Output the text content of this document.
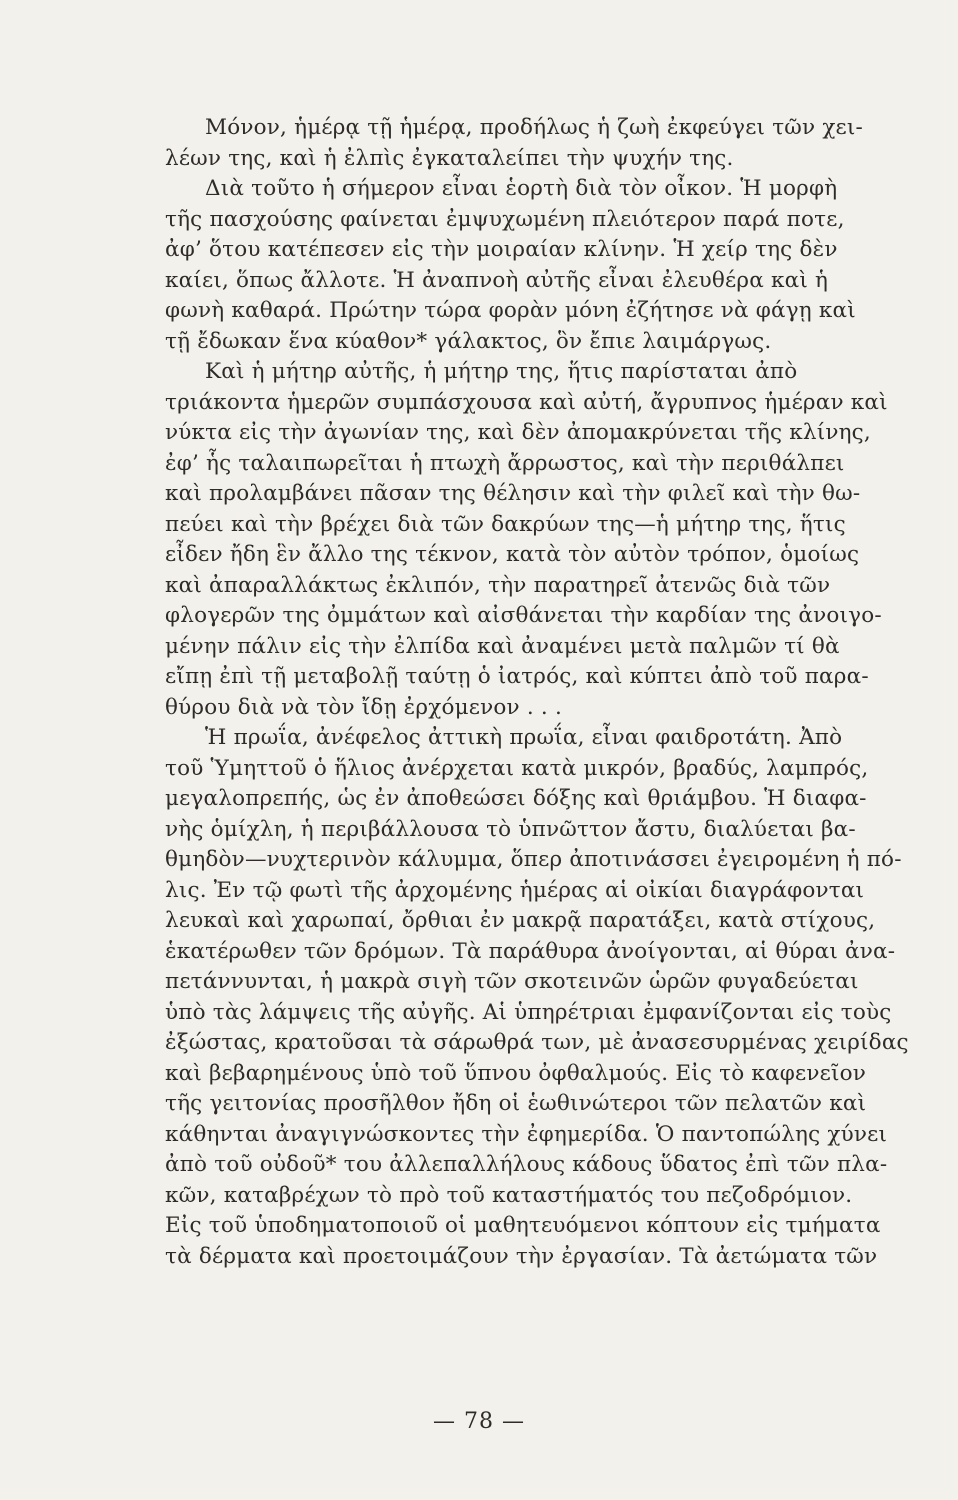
Μόνον, ἡμέρᾳ τῇ ἡμέρᾳ, προδήλως ἡ ζωὴ ἐκφεύγει τῶν χει-
λέων της, καὶ ἡ ἐλπὶς ἐγκαταλείπει τὴν ψυχήν της.
Διὰ τοῦτο ἡ σήμερον εἶναι ἑορτὴ διὰ τὸν οἶκον. Ἡ μορφὴ
τῆς πασχούσης φαίνεται ἐμψυχωμένη πλειότερον παρά ποτε,
ἀφ’ ὅτου κατέπεσεν εἰς τὴν μοιραίαν κλίνην. Ἡ χείρ της δὲν
καίει, ὅπως ἄλλοτε. Ἡ ἀναπνοὴ αὐτῆς εἶναι ἐλευθέρα καὶ ἡ
φωνὴ καθαρά. Πρώτην τώρα φορὰν μόνη ἐζήτησε νὰ φάγῃ καὶ
τῇ ἔδωκαν ἕνα κύαθον* γάλακτος, ὃν ἔπιε λαιμάργως.
Καὶ ἡ μήτηρ αὐτῆς, ἡ μήτηρ της, ἥτις παρίσταται ἀπὸ
τριάκοντα ἡμερῶν συμπάσχουσα καὶ αὐτή, ἄγρυπνος ἡμέραν καὶ
νύκτα εἰς τὴν ἀγωνίαν της, καὶ δὲν ἀπομακρύνεται τῆς κλίνης,
ἐφ’ ἧς ταλαιπωρεῖται ἡ πτωχὴ ἄρρωστος, καὶ τὴν περιθάλπει
καὶ προλαμβάνει πᾶσαν της θέλησιν καὶ τὴν φιλεῖ καὶ τὴν θω-
πεύει καὶ τὴν βρέχει διὰ τῶν δακρύων της—ἡ μήτηρ της, ἥτις
εἶδεν ἤδη ἓν ἄλλο της τέκνον, κατὰ τὸν αὐτὸν τρόπον, ὁμοίως
καὶ ἀπαραλλάκτως ἐκλιπόν, τὴν παρατηρεῖ ἀτενῶς διὰ τῶν
φλογερῶν της ὀμμάτων καὶ αἰσθάνεται τὴν καρδίαν της ἀνοιγο-
μένην πάλιν εἰς τὴν ἐλπίδα καὶ ἀναμένει μετὰ παλμῶν τί θὰ
εἴπῃ ἐπὶ τῇ μεταβολῇ ταύτῃ ὁ ἰατρός, καὶ κύπτει ἀπὸ τοῦ παρα-
θύρου διὰ νὰ τὸν ἴδῃ ἐρχόμενον . . .
Ἡ πρωΐα, ἀνέφελος ἀττικὴ πρωΐα, εἶναι φαιδροτάτη. Ἀπὸ
τοῦ Ὑμηττοῦ ὁ ἥλιος ἀνέρχεται κατὰ μικρόν, βραδύς, λαμπρός,
μεγαλοπρεπής, ὡς ἐν ἀποθεώσει δόξης καὶ θριάμβου. Ἡ διαφα-
νὴς ὁμίχλη, ἡ περιβάλλουσα τὸ ὑπνῶττον ἄστυ, διαλύεται βα-
θμηδὸν—νυχτερινὸν κάλυμμα, ὅπερ ἀποτινάσσει ἐγειρομένη ἡ πό-
λις. Ἐν τῷ φωτὶ τῆς ἀρχομένης ἡμέρας αἱ οἰκίαι διαγράφονται
λευκαὶ καὶ χαρωπαί, ὄρθιαι ἐν μακρᾷ παρατάξει, κατὰ στίχους,
ἑκατέρωθεν τῶν δρόμων. Τὰ παράθυρα ἀνοίγονται, αἱ θύραι ἀνα-
πετάννυνται, ἡ μακρὰ σιγὴ τῶν σκοτεινῶν ὡρῶν φυγαδεύεται
ὑπὸ τὰς λάμψεις τῆς αὐγῆς. Αἱ ὑπηρέτριαι ἐμφανίζονται εἰς τοὺς
ἐξώστας, κρατοῦσαι τὰ σάρωθρά των, μὲ ἀνασεσυρμένας χειρίδας
καὶ βεβαρημένους ὑπὸ τοῦ ὕπνου ὀφθαλμούς. Εἰς τὸ καφενεῖον
τῆς γειτονίας προσῆλθον ἤδη οἱ ἑωθινώτεροι τῶν πελατῶν καὶ
κάθηνται ἀναγιγνώσκοντες τὴν ἐφημερίδα. Ὁ παντοπώλης χύνει
ἀπὸ τοῦ οὐδοῦ* του ἀλλεπαλλήλους κάδους ὕδατος ἐπὶ τῶν πλα-
κῶν, καταβρέχων τὸ πρὸ τοῦ καταστήματός του πεζοδρόμιον.
Εἰς τοῦ ὑποδηματοποιοῦ οἱ μαθητευόμενοι κόπτουν εἰς τμήματα
τὰ δέρματα καὶ προετοιμάζουν τὴν ἐργασίαν. Τὰ ἀετώματα τῶν
— 78 —
